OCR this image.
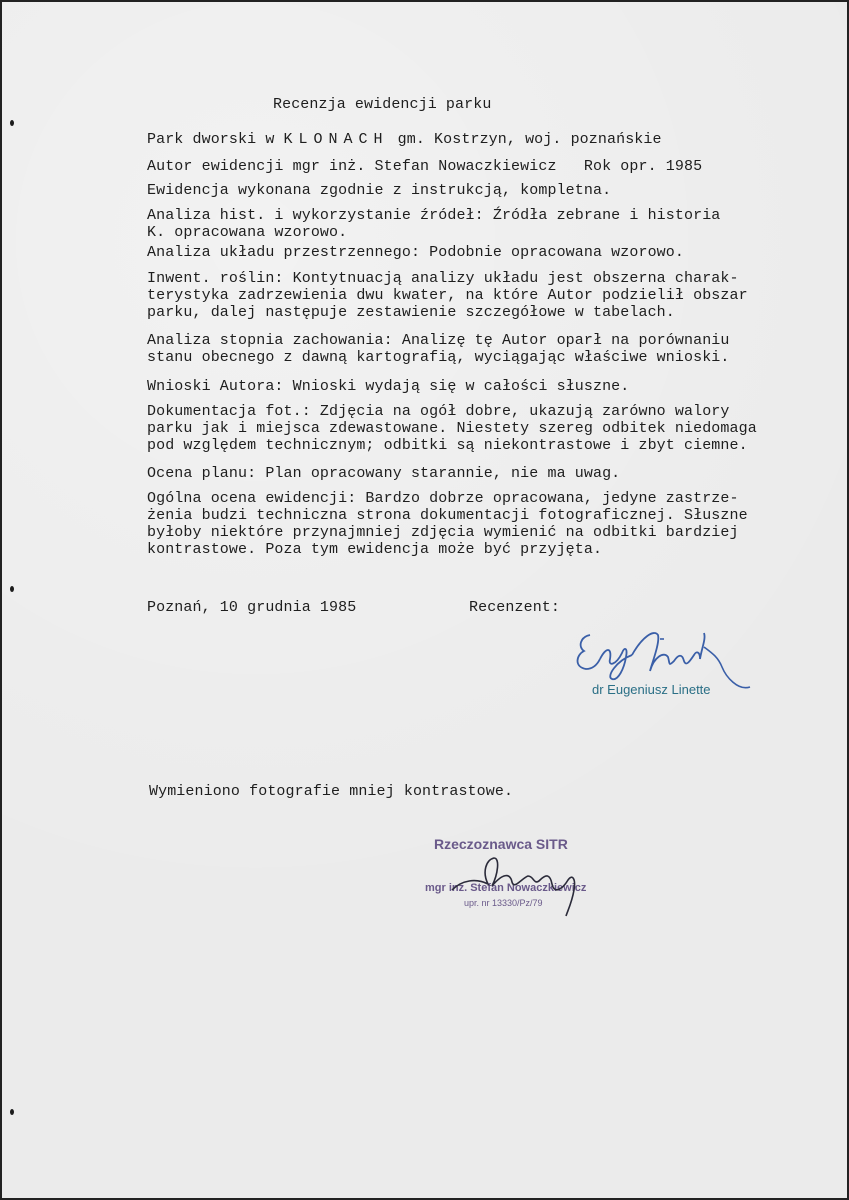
Recenzja ewidencji parku
Park dworski w KLONACH gm. Kostrzyn, woj. poznańskie
Autor ewidencji mgr inż. Stefan Nowaczkiewicz   Rok opr. 1985
Ewidencja wykonana zgodnie z instrukcją, kompletna.
Analiza hist. i wykorzystanie źródeł: Źródła zebrane i historia
K. opracowana wzorowo.
Analiza układu przestrzennego: Podobnie opracowana wzorowo.
Inwent. roślin: Kontytnuacją analizy układu jest obszerna charak-
terystyka zadrzewienia dwu kwater, na które Autor podzielił obszar
parku, dalej następuje zestawienie szczegółowe w tabelach.
Analiza stopnia zachowania: Analizę tę Autor oparł na porównaniu
stanu obecnego z dawną kartografią, wyciągając właściwe wnioski.
Wnioski Autora: Wnioski wydają się w całości słuszne.
Dokumentacja fot.: Zdjęcia na ogół dobre, ukazują zarówno walory
parku jak i miejsca zdewastowane. Niestety szereg odbitek niedomaga
pod względem technicznym; odbitki są niekontrastowe i zbyt ciemne.
Ocena planu: Plan opracowany starannie, nie ma uwag.
Ogólna ocena ewidencji: Bardzo dobrze opracowana, jedyne zastrze-
żenia budzi techniczna strona dokumentacji fotograficznej. Słuszne
byłoby niektóre przynajmniej zdjęcia wymienić na odbitki bardziej
kontrastowe. Poza tym ewidencja może być przyjęta.
Poznań, 10 grudnia 1985	Recenzent:
dr Eugeniusz Linette
Wymieniono fotografie mniej kontrastowe.
Rzeczoznawca SITR
mgr inż. Stefan Nowaczkiewicz
upr. nr 13330/Pz/79
